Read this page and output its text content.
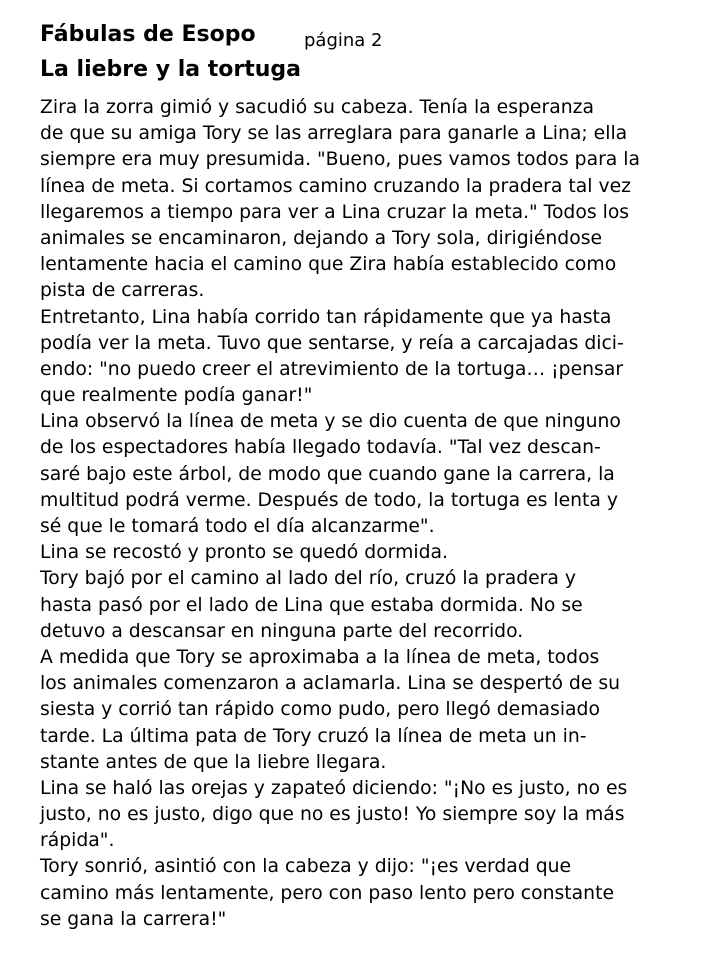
Fábulas de Esopo	página 2
La liebre y la tortuga
Zira la zorra gimió y sacudió su cabeza. Tenía la esperanza
de que su amiga Tory se las arreglara para ganarle a Lina; ella
siempre era muy presumida. "Bueno, pues vamos todos para la
línea de meta. Si cortamos camino cruzando la pradera tal vez
llegaremos a tiempo para ver a Lina cruzar la meta." Todos los
animales se encaminaron, dejando a Tory sola, dirigiéndose
lentamente hacia el camino que Zira había establecido como
pista de carreras.
Entretanto, Lina había corrido tan rápidamente que ya hasta
podía ver la meta. Tuvo que sentarse, y reía a carcajadas dici-
endo: "no puedo creer el atrevimiento de la tortuga… ¡pensar
que realmente podía ganar!"
Lina observó la línea de meta y se dio cuenta de que ninguno
de los espectadores había llegado todavía. "Tal vez descan-
saré bajo este árbol, de modo que cuando gane la carrera, la
multitud podrá verme. Después de todo, la tortuga es lenta y
sé que le tomará todo el día alcanzarme".
Lina se recostó y pronto se quedó dormida.
Tory bajó por el camino al lado del río, cruzó la pradera y
hasta pasó por el lado de Lina que estaba dormida. No se
detuvo a descansar en ninguna parte del recorrido.
A medida que Tory se aproximaba a la línea de meta, todos
los animales comenzaron a aclamarla. Lina se despertó de su
siesta y corrió tan rápido como pudo, pero llegó demasiado
tarde. La última pata de Tory cruzó la línea de meta un in-
stante antes de que la liebre llegara.
Lina se haló las orejas y zapateó diciendo: "¡No es justo, no es
justo, no es justo, digo que no es justo! Yo siempre soy la más
rápida".
Tory sonrió, asintió con la cabeza y dijo: "¡es verdad que
camino más lentamente, pero con paso lento pero constante
se gana la carrera!"
